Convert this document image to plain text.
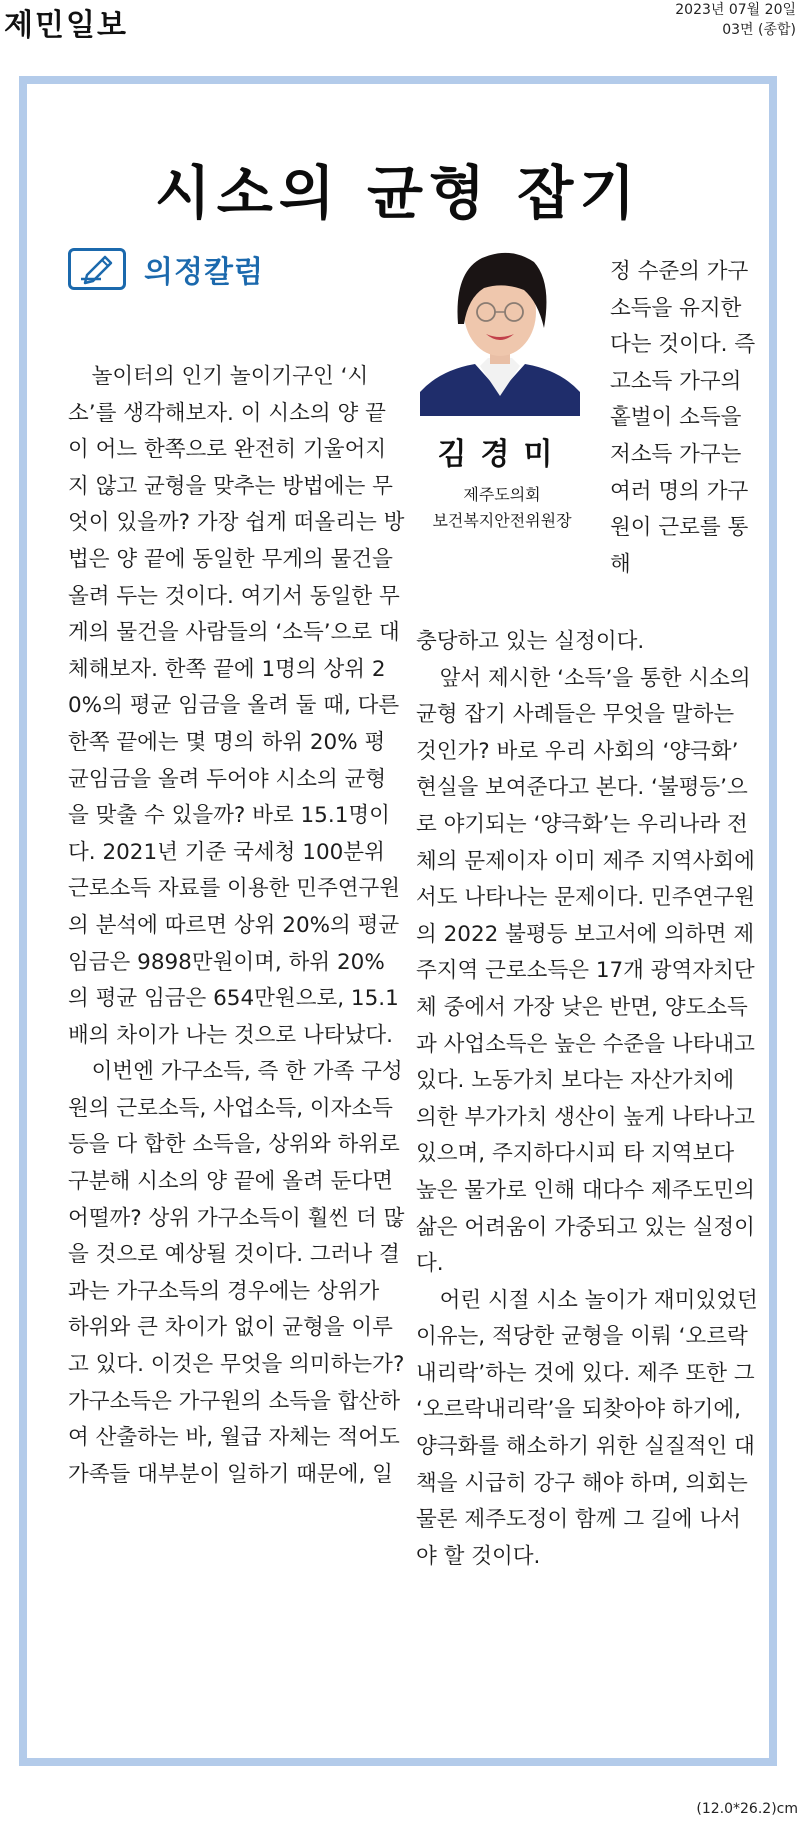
제민일보	2023년 07월 20일
03면 (종합)
시소의 균형 잡기
의정칼럼
김경미
제주도의회
보건복지안전위원장
정 수준의 가구소득을 유지한다는 것이다. 즉 고소득 가구의 홑벌이 소득을 저소득 가구는 여러 명의 가구원이 근로를 통해

놀이터의 인기 놀이기구인 ‘시소’를 생각해보자. 이 시소의 양 끝이 어느 한쪽으로 완전히 기울어지지 않고 균형을 맞추는 방법에는 무엇이 있을까? 가장 쉽게 떠올리는 방법은 양 끝에 동일한 무게의 물건을 올려 두는 것이다. 여기서 동일한 무게의 물건을 사람들의 ‘소득’으로 대체해보자. 한쪽 끝에 1명의 상위 20%의 평균 임금을 올려 둘 때, 다른 한쪽 끝에는 몇 명의 하위 20% 평균임금을 올려 두어야 시소의 균형을 맞출 수 있을까? 바로 15.1명이다. 2021년 기준 국세청 100분위 근로소득 자료를 이용한 민주연구원의 분석에 따르면 상위 20%의 평균임금은 9898만원이며, 하위 20%의 평균 임금은 654만원으로, 15.1배의 차이가 나는 것으로 나타났다.

이번엔 가구소득, 즉 한 가족 구성원의 근로소득, 사업소득, 이자소득 등을 다 합한 소득을, 상위와 하위로 구분해 시소의 양 끝에 올려 둔다면 어떨까? 상위 가구소득이 훨씬 더 많을 것으로 예상될 것이다. 그러나 결과는 가구소득의 경우에는 상위가 하위와 큰 차이가 없이 균형을 이루고 있다. 이것은 무엇을 의미하는가? 가구소득은 가구원의 소득을 합산하여 산출하는 바, 월급 자체는 적어도 가족들 대부분이 일하기 때문에, 일

충당하고 있는 실정이다.

앞서 제시한 ‘소득’을 통한 시소의 균형 잡기 사례들은 무엇을 말하는 것인가? 바로 우리 사회의 ‘양극화’ 현실을 보여준다고 본다. ‘불평등’으로 야기되는 ‘양극화’는 우리나라 전체의 문제이자 이미 제주 지역사회에서도 나타나는 문제이다. 민주연구원의 2022 불평등 보고서에 의하면 제주지역 근로소득은 17개 광역자치단체 중에서 가장 낮은 반면, 양도소득과 사업소득은 높은 수준을 나타내고 있다. 노동가치 보다는 자산가치에 의한 부가가치 생산이 높게 나타나고 있으며, 주지하다시피 타 지역보다 높은 물가로 인해 대다수 제주도민의 삶은 어려움이 가중되고 있는 실정이다.

어린 시절 시소 놀이가 재미있었던 이유는, 적당한 균형을 이뤄 ‘오르락내리락’하는 것에 있다. 제주 또한 그 ‘오르락내리락’을 되찾아야 하기에, 양극화를 해소하기 위한 실질적인 대책을 시급히 강구 해야 하며, 의회는 물론 제주도정이 함께 그 길에 나서야 할 것이다.

(12.0*26.2)cm
